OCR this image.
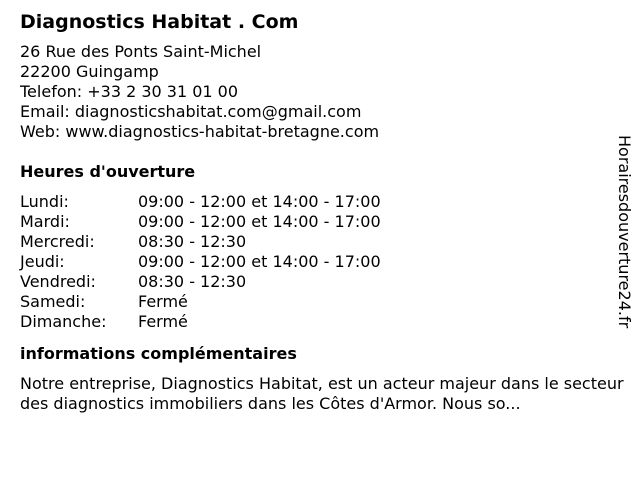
Diagnostics Habitat . Com
26 Rue des Ponts Saint-Michel
22200 Guingamp
Telefon: +33 2 30 31 01 00
Email: diagnosticshabitat.com@gmail.com
Web: www.diagnostics-habitat-bretagne.com
Heures d'ouverture
Lundi:	09:00 - 12:00 et 14:00 - 17:00
Mardi:	09:00 - 12:00 et 14:00 - 17:00
Mercredi:	08:30 - 12:30
Jeudi:	09:00 - 12:00 et 14:00 - 17:00
Vendredi:	08:30 - 12:30
Samedi:	Fermé
Dimanche: Fermé
informations complémentaires
Notre entreprise, Diagnostics Habitat, est un acteur majeur dans le secteur des diagnostics immobiliers dans les Côtes d'Armor. Nous so...
Horairesdouverture24.fr
